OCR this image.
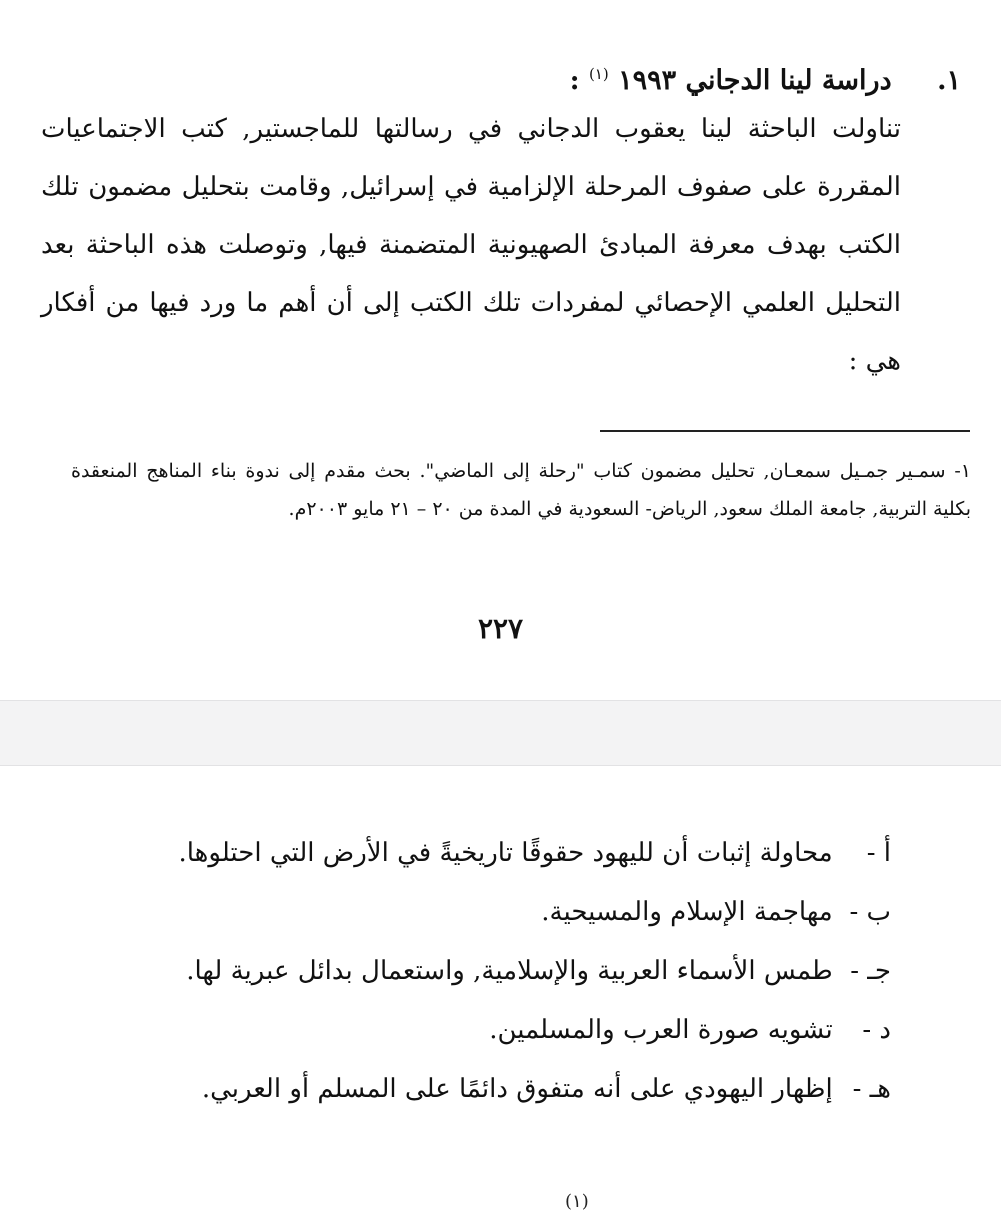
١. دراسة لينا الدجاني ١٩٩٣ $^{(١)}$ :
تناولت الباحثة لينا يعقوب الدجاني في رسالتها للماجستير, كتب الاجتماعيات المقررة على صفوف المرحلة الإلزامية في إسرائيل, وقامت بتحليل مضمون تلك الكتب بهدف معرفة المبادئ الصهيونية المتضمنة فيها, وتوصلت هذه الباحثة بعد التحليل العلمي الإحصائي لمفردات تلك الكتب إلى أن أهم ما ورد فيها من أفكار هي :
١- سمـير جمـيل سمعـان, تحليل مضمون كتاب "رحلة إلى الماضي". بحث مقدم إلى ندوة بناء المناهج المنعقدة بكلية التربية, جامعة الملك سعود, الرياض- السعودية في المدة من ٢٠ – ٢١ مايو ٢٠٠٣م.
٢٢٧
أ - محاولة إثبات أن لليهود حقوقًا تاريخيةً في الأرض التي احتلوها.
ب - مهاجمة الإسلام والمسيحية.
جـ - طمس الأسماء العربية والإسلامية, واستعمال بدائل عبرية لها.
د - تشويه صورة العرب والمسلمين.
هـ - إظهار اليهودي على أنه متفوق دائمًا على المسلم أو العربي.
(١)
